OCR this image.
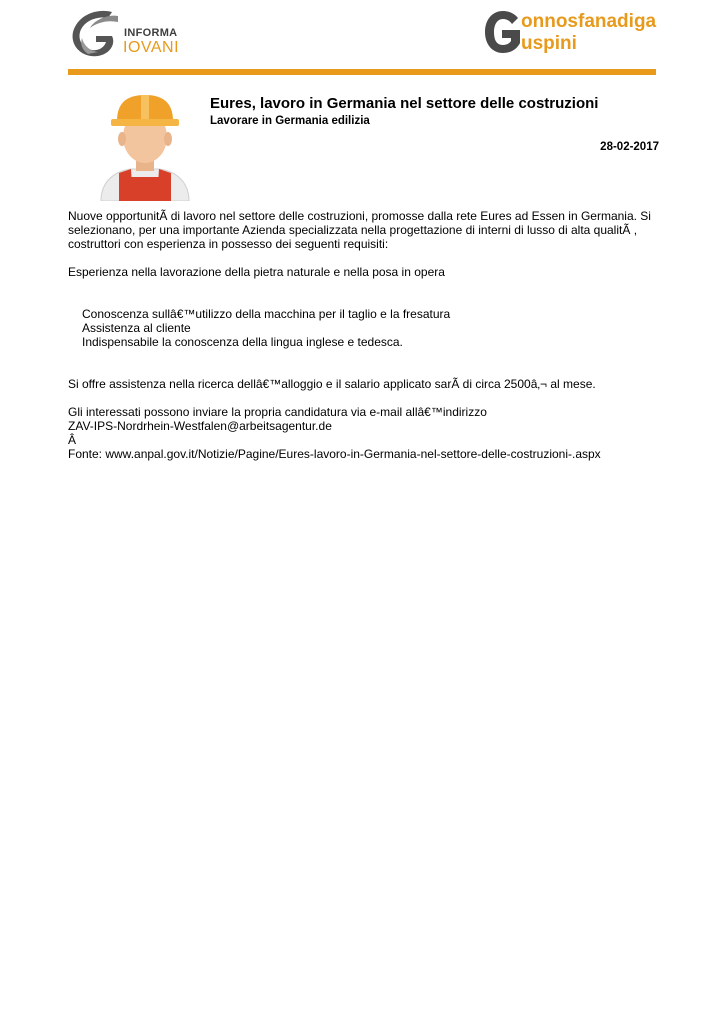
INFORMA
IOVANI
onnosfanadiga
uspini
Eures, lavoro in Germania nel settore delle costruzioni
Lavorare in Germania edilizia
28-02-2017

Nuove opportunitÃ di lavoro nel settore delle costruzioni, promosse dalla rete Eures ad Essen in Germania. Si selezionano, per una importante Azienda specializzata nella progettazione di interni di lusso di alta qualitÃ , costruttori con esperienza in possesso dei seguenti requisiti:

Esperienza nella lavorazione della pietra naturale e nella posa in opera

Conoscenza sullâ€™utilizzo della macchina per il taglio e la fresatura
Assistenza al cliente
Indispensabile la conoscenza della lingua inglese e tedesca.

Si offre assistenza nella ricerca dellâ€™alloggio e il salario applicato sarÃ di circa 2500â‚¬ al mese.

Gli interessati possono inviare la propria candidatura via e-mail allâ€™indirizzo

ZAV-IPS-Nordrhein-Westfalen@arbeitsagentur.de

Â

Fonte: www.anpal.gov.it/Notizie/Pagine/Eures-lavoro-in-Germania-nel-settore-delle-costruzioni-.aspx
